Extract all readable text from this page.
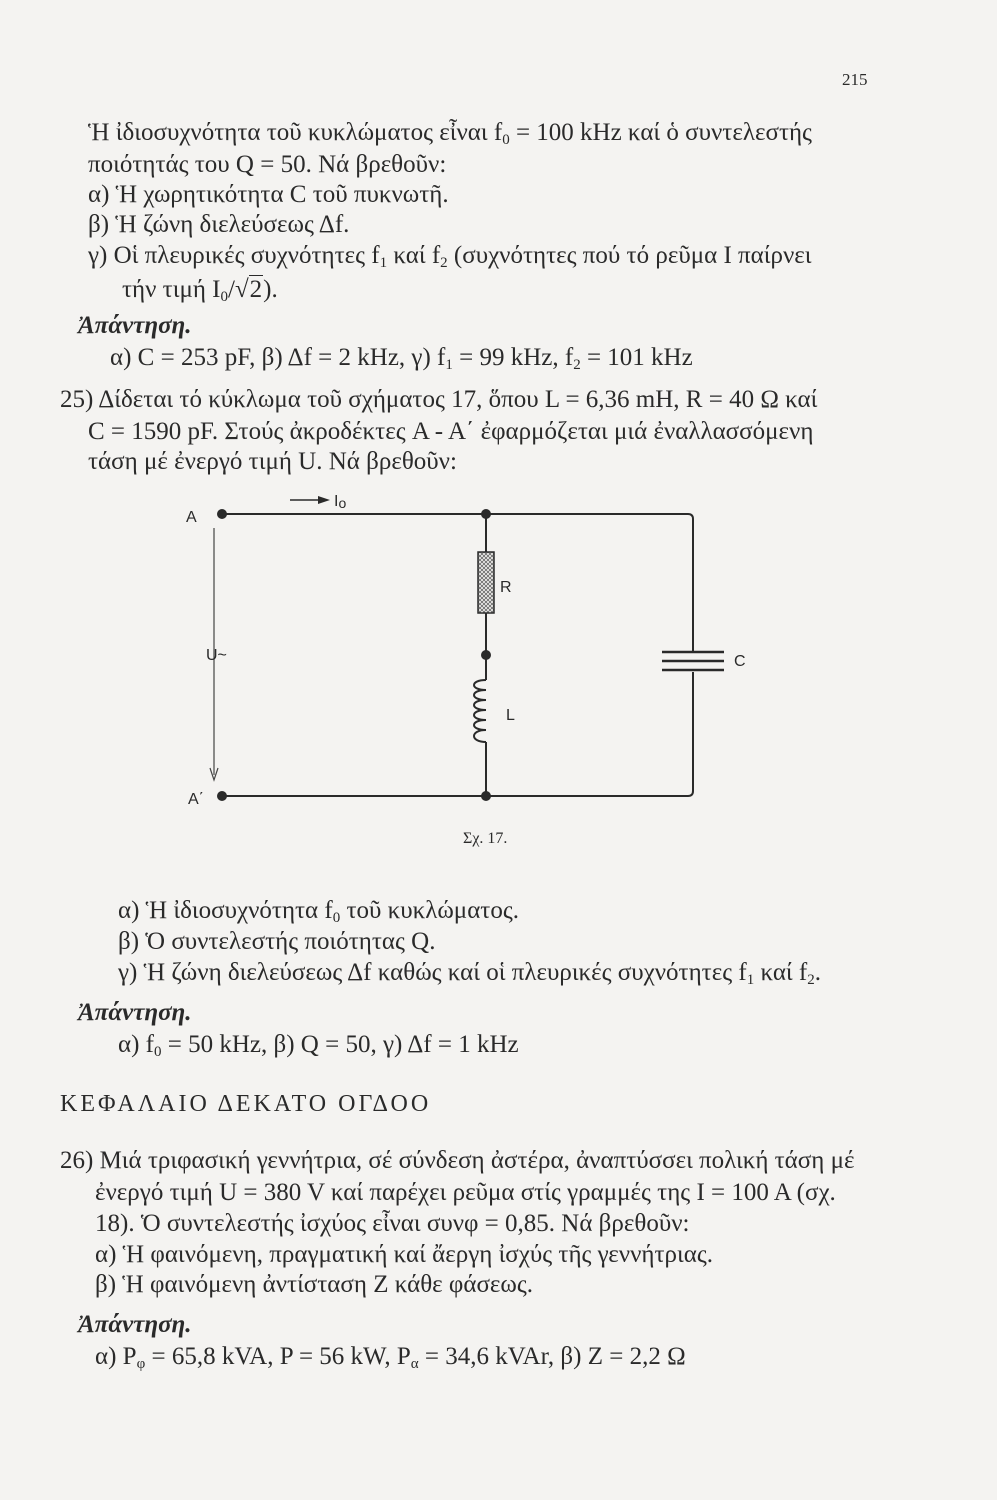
215
Ἡ ἰδιοσυχνότητα τοῦ κυκλώματος εἶναι $f_0 = 100$ kHz καί ὁ συντελεστής
ποιότητάς του Q = 50. Νά βρεθοῦν:
α) Ἡ χωρητικότητα C τοῦ πυκνωτῆ.
β) Ἡ ζώνη διελεύσεως Δf.
γ) Οἱ πλευρικές συχνότητες $f_1$ καί $f_2$ (συχνότητες πού τό ρεῦμα I παίρνει
τήν τιμή $I_0/√2$).
Ἀπάντηση.
α) C = 253 pF, β) Δf = 2 kHz, γ) $f_1 = 99$ kHz, $f_2 = 101$ kHz
25) Δίδεται τό κύκλωμα τοῦ σχήματος 17, ὅπου L = 6,36 mH, R = 40 Ω καί
C = 1590 pF. Στούς ἀκροδέκτες A - A΄ ἐφαρμόζεται μιά ἐναλλασσόμενη
τάση μέ ἐνεργό τιμή U. Νά βρεθοῦν:
A
A΄
Io
U~
R
L
C
Σχ. 17.
α) Ἡ ἰδιοσυχνότητα $f_0$ τοῦ κυκλώματος.
β) Ὁ συντελεστής ποιότητας Q.
γ) Ἡ ζώνη διελεύσεως Δf καθώς καί οἱ πλευρικές συχνότητες $f_1$ καί $f_2$.
Ἀπάντηση.
α) $f_0 = 50$ kHz, β) Q = 50, γ) Δf = 1 kHz
ΚΕΦΑΛΑΙΟ ΔΕΚΑΤΟ ΟΓΔΟΟ
26) Μιά τριφασική γεννήτρια, σέ σύνδεση ἀστέρα, ἀναπτύσσει πολική τάση μέ
ἐνεργό τιμή U = 380 V καί παρέχει ρεῦμα στίς γραμμές της I = 100 A (σχ.
18). Ὁ συντελεστής ἰσχύος εἶναι συνφ = 0,85. Νά βρεθοῦν:
α) Ἡ φαινόμενη, πραγματική καί ἄεργη ἰσχύς τῆς γεννήτριας.
β) Ἡ φαινόμενη ἀντίσταση Z κάθε φάσεως.
Ἀπάντηση.
α) $P_\varphi = 65,8$ kVA, P = 56 kW, $P_\alpha = 34,6$ kVAr, β) Z = 2,2 Ω
